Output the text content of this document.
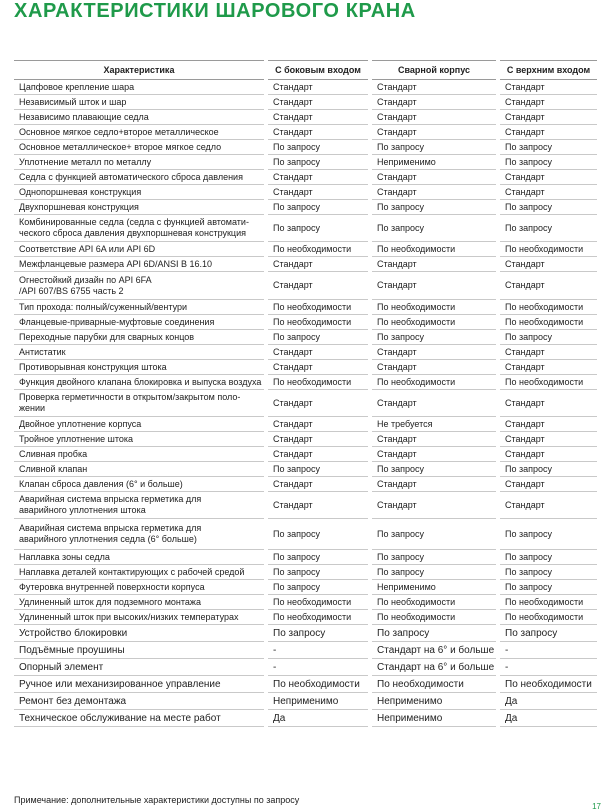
ХАРАКТЕРИСТИКИ ШАРОВОГО КРАНА
Характеристика		С боковым входом		Сварной корпус		С верхним входом
Цапфовое крепление шара		Стандарт		Стандарт		Стандарт
Независимый шток и шар		Стандарт		Стандарт		Стандарт
Независимо плавающие седла		Стандарт		Стандарт		Стандарт
Основное мягкое седло+второе металлическое		Стандарт		Стандарт		Стандарт
Основное металлическое+ второе мягкое седло		По запросу		По запросу		По запросу
Уплотнение металл по металлу		По запросу		Неприменимо		По запросу
Седла с функцией автоматического сброса давления		Стандарт		Стандарт		Стандарт
Однопоршневая конструкция		Стандарт		Стандарт		Стандарт
Двухпоршневая конструкция		По запросу		По запросу		По запросу
Комбинированные седла (седла с функцией автомати-
ческого сброса давления двухпоршневая конструкция		По запросу		По запросу		По запросу
Соответствие API 6A или API 6D		По необходимости		По необходимости		По необходимости
Межфланцевые размера API 6D/ANSI B 16.10		Стандарт		Стандарт		Стандарт
Огнестойкий дизайн по API 6FA
/API 607/BS 6755 часть 2		Стандарт		Стандарт		Стандарт
Тип прохода: полный/суженный/вентури		По необходимости		По необходимости		По необходимости
Фланцевые-приварные-муфтовые соединения		По необходимости		По необходимости		По необходимости
Переходные парубки для сварных концов		По запросу		По запросу		По запросу
Антистатик		Стандарт		Стандарт		Стандарт
Противорывная конструкция штока		Стандарт		Стандарт		Стандарт
Функция двойного клапана блокировка и выпуска воздуха		По необходимости		По необходимости		По необходимости
Проверка герметичности в открытом/закрытом поло-
жении		Стандарт		Стандарт		Стандарт
Двойное уплотнение корпуса		Стандарт		Не требуется		Стандарт
Тройное уплотнение штока		Стандарт		Стандарт		Стандарт
Сливная пробка		Стандарт		Стандарт		Стандарт
Сливной клапан		По запросу		По запросу		По запросу
Клапан сброса давления (6° и больше)		Стандарт		Стандарт		Стандарт
Аварийная система впрыска герметика для
аварийного уплотнения штока		Стандарт		Стандарт		Стандарт
Аварийная система впрыска герметика для
аварийного уплотнения седла (6° больше)		По запросу		По запросу		По запросу
Наплавка зоны седла		По запросу		По запросу		По запросу
Наплавка деталей контактирующих с рабочей средой		По запросу		По запросу		По запросу
Футеровка внутренней поверхности корпуса		По запросу		Неприменимо		По запросу
Удлиненный шток для подземного монтажа		По необходимости		По необходимости		По необходимости
Удлиненный шток при высоких/низких температурах		По необходимости		По необходимости		По необходимости
Устройство блокировки		По запросу		По запросу		По запросу
Подъёмные проушины		-		Стандарт на 6° и больше		-
Опорный элемент		-		Стандарт на 6° и больше		-
Ручное или механизированное управление		По необходимости		По необходимости		По необходимости
Ремонт без демонтажа		Неприменимо		Неприменимо		Да
Техническое обслуживание на месте работ		Да		Неприменимо		Да
Примечание: дополнительные характеристики доступны по запросу
17
